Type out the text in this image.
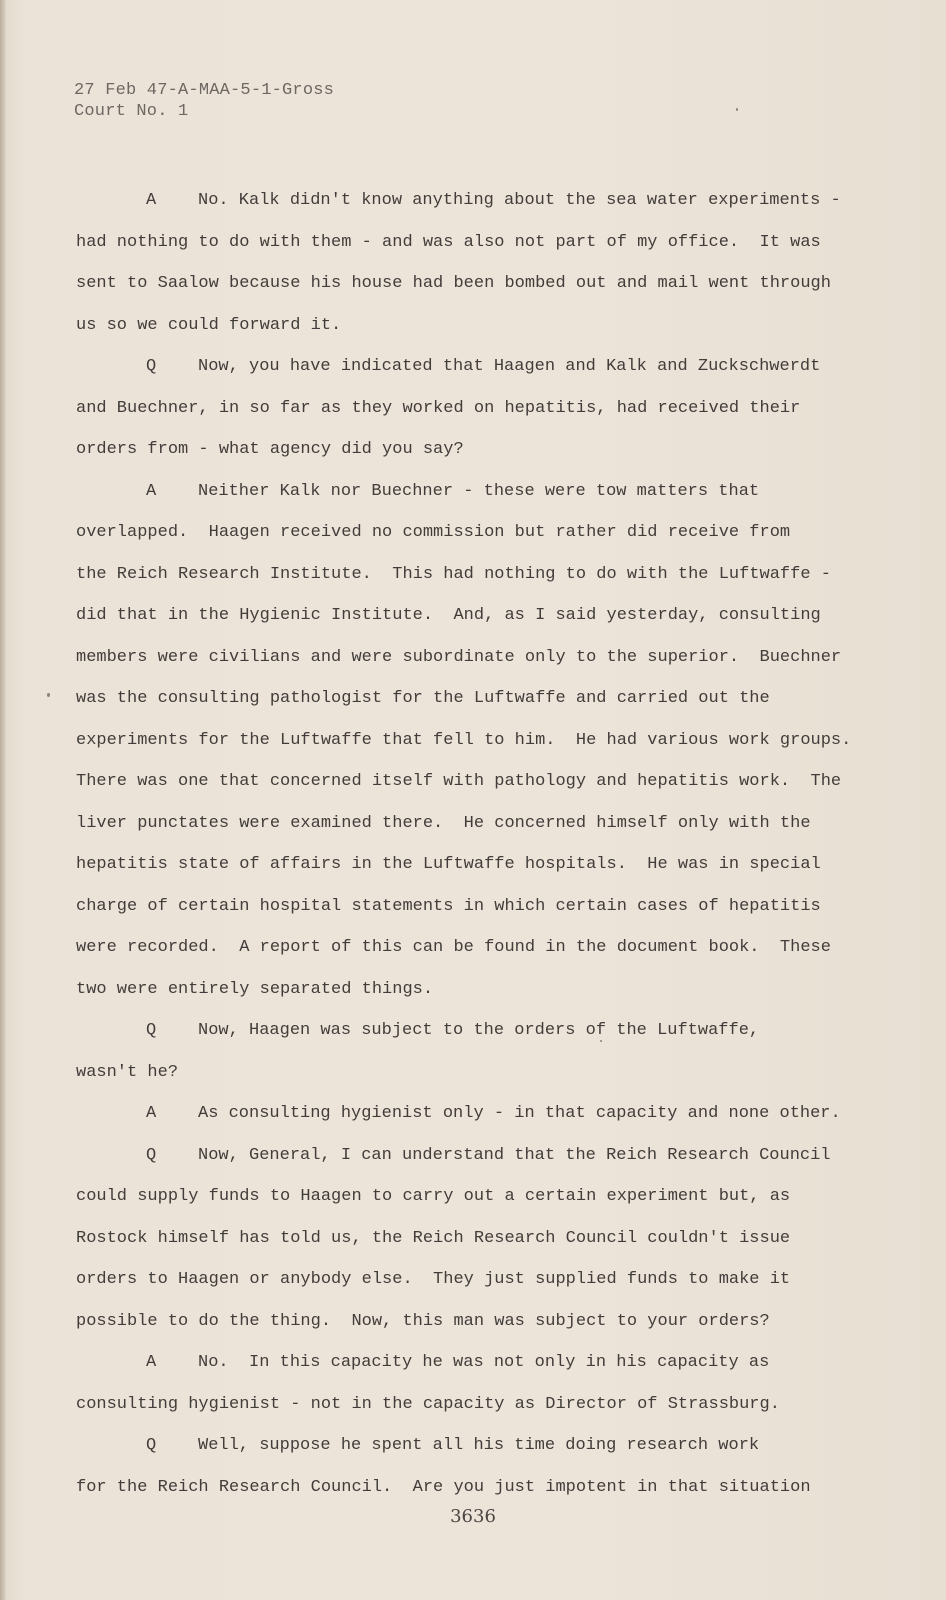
27 Feb 47-A-MAA-5-1-Gross
Court No. 1
A No. Kalk didn't know anything about the sea water experiments -
had nothing to do with them - and was also not part of my office.  It was
sent to Saalow because his house had been bombed out and mail went through
us so we could forward it.
Q Now, you have indicated that Haagen and Kalk and Zuckschwerdt
and Buechner, in so far as they worked on hepatitis, had received their
orders from - what agency did you say?
A Neither Kalk nor Buechner - these were tow matters that
overlapped.  Haagen received no commission but rather did receive from
the Reich Research Institute.  This had nothing to do with the Luftwaffe -
did that in the Hygienic Institute.  And, as I said yesterday, consulting
members were civilians and were subordinate only to the superior.  Buechner
was the consulting pathologist for the Luftwaffe and carried out the
experiments for the Luftwaffe that fell to him.  He had various work groups.
There was one that concerned itself with pathology and hepatitis work.  The
liver punctates were examined there.  He concerned himself only with the
hepatitis state of affairs in the Luftwaffe hospitals.  He was in special
charge of certain hospital statements in which certain cases of hepatitis
were recorded.  A report of this can be found in the document book.  These
two were entirely separated things.
Q Now, Haagen was subject to the orders of the Luftwaffe,
wasn't he?
A As consulting hygienist only - in that capacity and none other.
Q Now, General, I can understand that the Reich Research Council
could supply funds to Haagen to carry out a certain experiment but, as
Rostock himself has told us, the Reich Research Council couldn't issue
orders to Haagen or anybody else.  They just supplied funds to make it
possible to do the thing.  Now, this man was subject to your orders?
A No.  In this capacity he was not only in his capacity as
consulting hygienist - not in the capacity as Director of Strassburg.
Q Well, suppose he spent all his time doing research work
for the Reich Research Council.  Are you just impotent in that situation
3636
